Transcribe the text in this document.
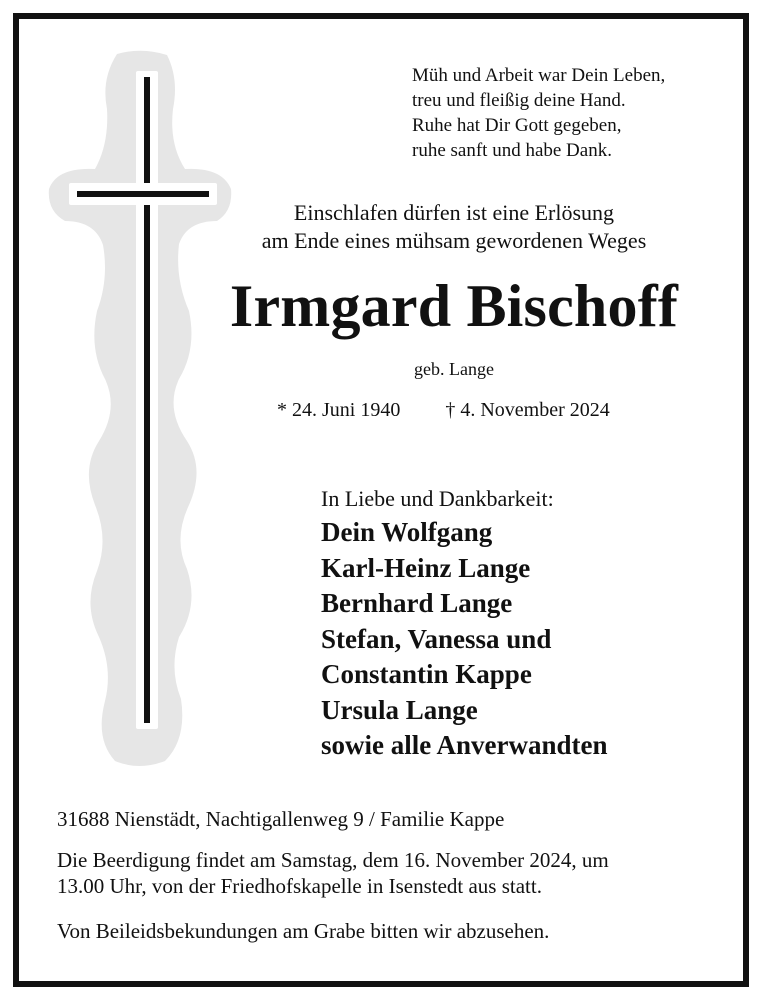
Müh und Arbeit war Dein Leben,
treu und fleißig deine Hand.
Ruhe hat Dir Gott gegeben,
ruhe sanft und habe Dank.
Einschlafen dürfen ist eine Erlösung
am Ende eines mühsam gewordenen Weges
Irmgard Bischoff
geb. Lange
* 24. Juni 1940 † 4. November 2024
In Liebe und Dankbarkeit:
Dein Wolfgang
Karl-Heinz Lange
Bernhard Lange
Stefan, Vanessa und
Constantin Kappe
Ursula Lange
sowie alle Anverwandten
31688 Nienstädt, Nachtigallenweg 9 / Familie Kappe
Die Beerdigung findet am Samstag, dem 16. November 2024, um
13.00 Uhr, von der Friedhofskapelle in Isenstedt aus statt.
Von Beileidsbekundungen am Grabe bitten wir abzusehen.
